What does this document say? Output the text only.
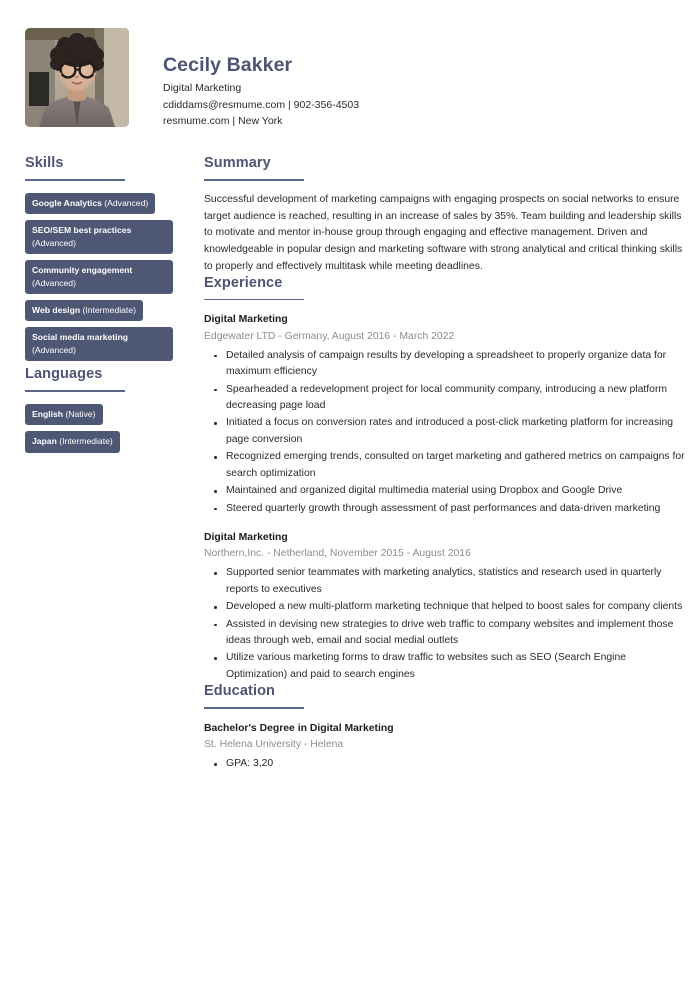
Cecily Bakker
Digital Marketing
cdiddams@resmume.com | 902-356-4503
resmume.com | New York
Skills
Google Analytics (Advanced)
SEO/SEM best practices
(Advanced)
Community engagement
(Advanced)
Web design (Intermediate)
Social media marketing
(Advanced)
Languages
English (Native)
Japan (Intermediate)
Summary

Successful development of marketing campaigns with engaging prospects on social networks to ensure target audience is reached, resulting in an increase of sales by 35%. Team building and leadership skills to motivate and mentor in-house group through engaging and effective management. Driven and knowledgeable in popular design and marketing software with strong analytical and critical thinking skills to properly and effectively multitask while meeting deadlines.

Experience
Digital Marketing
Edgewater LTD - Germany, August 2016 - March 2022
Detailed analysis of campaign results by developing a spreadsheet to properly organize data for maximum efficiency
Spearheaded a redevelopment project for local community company, introducing a new platform decreasing page load
Initiated a focus on conversion rates and introduced a post-click marketing platform for increasing page conversion
Recognized emerging trends, consulted on target marketing and gathered metrics on campaigns for search optimization
Maintained and organized digital multimedia material using Dropbox and Google Drive
Steered quarterly growth through assessment of past performances and data-driven marketing
Digital Marketing
Northern,Inc. - Netherland, November 2015 - August 2016
Supported senior teammates with marketing analytics, statistics and research used in quarterly reports to executives
Developed a new multi-platform marketing technique that helped to boost sales for company clients
Assisted in devising new strategies to drive web traffic to company websites and implement those ideas through web, email and social medial outlets
Utilize various marketing forms to draw traffic to websites such as SEO (Search Engine Optimization) and paid to search engines
Education
Bachelor's Degree in Digital Marketing
St. Helena University - Helena
GPA: 3,20
